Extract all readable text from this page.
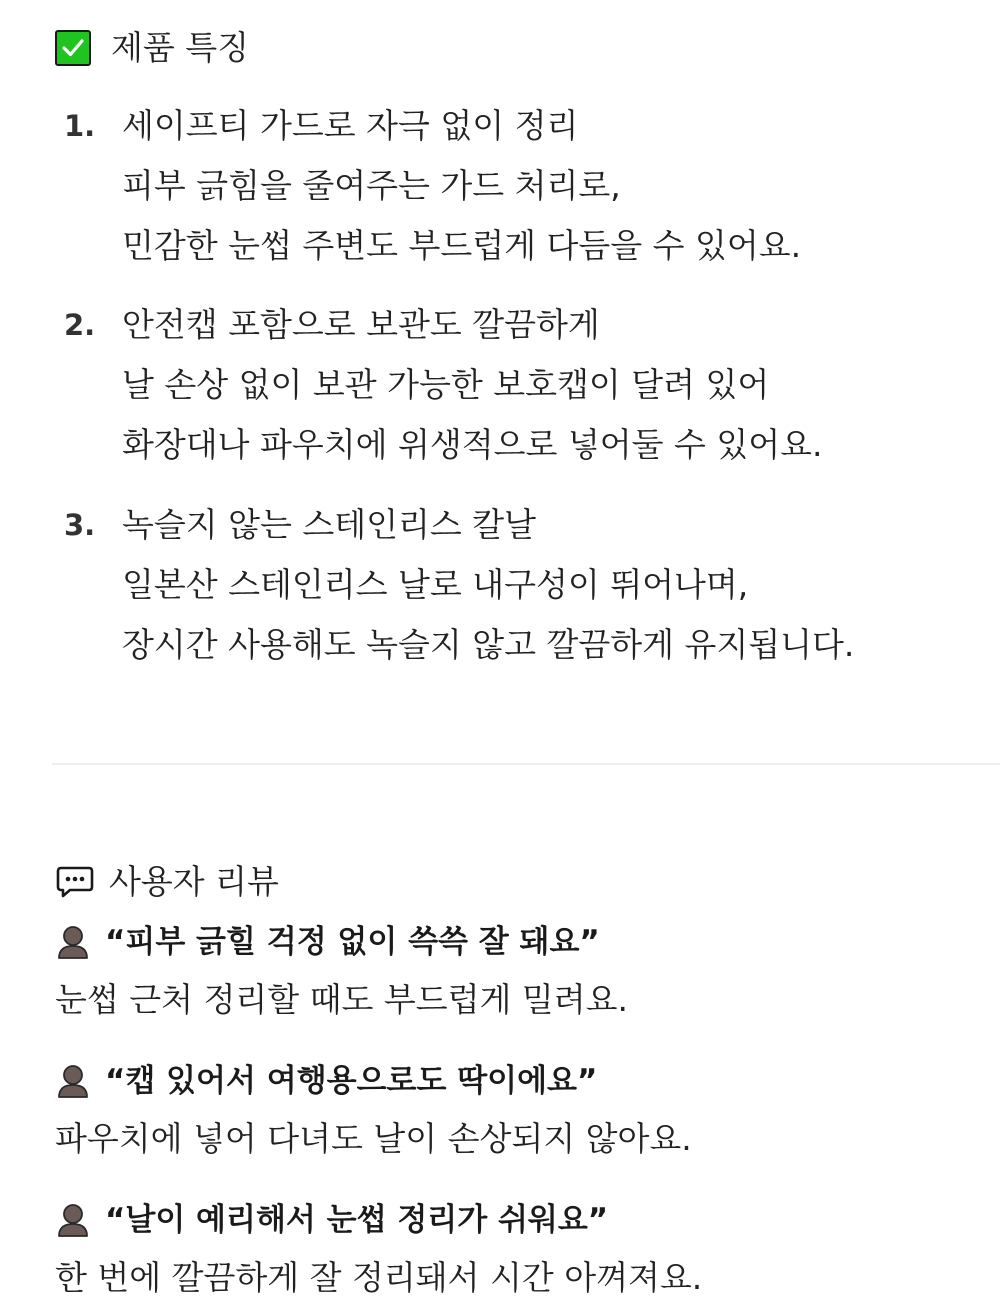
제품 특징
1. 세이프티 가드로 자극 없이 정리
피부 긁힘을 줄여주는 가드 처리로,
민감한 눈썹 주변도 부드럽게 다듬을 수 있어요.
2. 안전캡 포함으로 보관도 깔끔하게
날 손상 없이 보관 가능한 보호캡이 달려 있어
화장대나 파우치에 위생적으로 넣어둘 수 있어요.
3. 녹슬지 않는 스테인리스 칼날
일본산 스테인리스 날로 내구성이 뛰어나며,
장시간 사용해도 녹슬지 않고 깔끔하게 유지됩니다.
사용자 리뷰
“피부 긁힐 걱정 없이 쓱쓱 잘 돼요”
눈썹 근처 정리할 때도 부드럽게 밀려요.
“캡 있어서 여행용으로도 딱이에요”
파우치에 넣어 다녀도 날이 손상되지 않아요.
“날이 예리해서 눈썹 정리가 쉬워요”
한 번에 깔끔하게 잘 정리돼서 시간 아껴져요.
